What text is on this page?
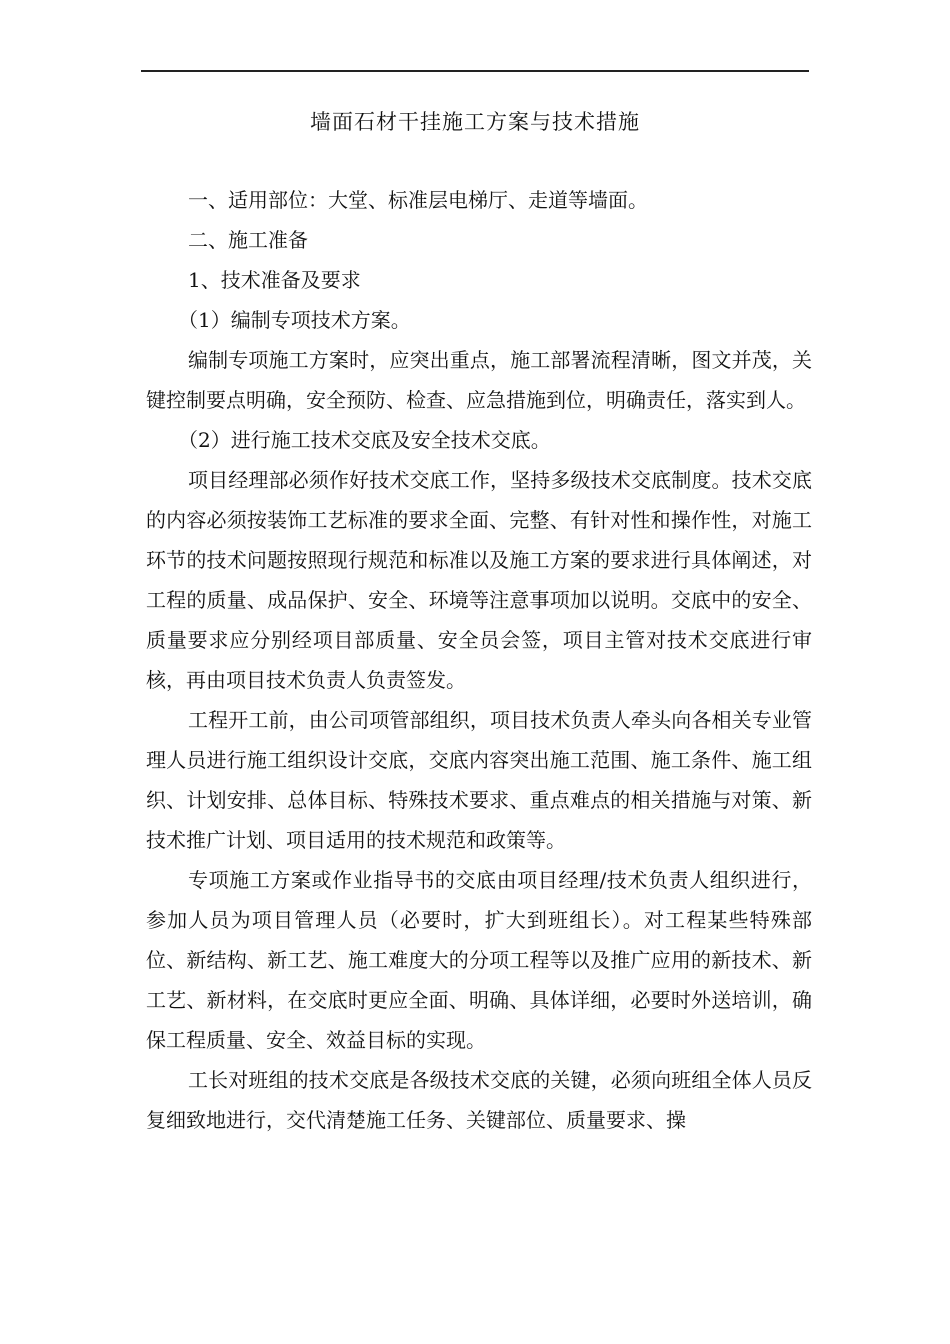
墙面石材干挂施工方案与技术措施

一、适用部位：大堂、标准层电梯厅、走道等墙面。

二、施工准备

1、技术准备及要求

（1）编制专项技术方案。

编制专项施工方案时，应突出重点，施工部署流程清晰，图文并茂，关键控制要点明确，安全预防、检查、应急措施到位，明确责任，落实到人。

（2）进行施工技术交底及安全技术交底。

项目经理部必须作好技术交底工作，坚持多级技术交底制度。技术交底的内容必须按装饰工艺标准的要求全面、完整、有针对性和操作性，对施工环节的技术问题按照现行规范和标准以及施工方案的要求进行具体阐述，对工程的质量、成品保护、安全、环境等注意事项加以说明。交底中的安全、质量要求应分别经项目部质量、安全员会签，项目主管对技术交底进行审核，再由项目技术负责人负责签发。

工程开工前，由公司项管部组织，项目技术负责人牵头向各相关专业管理人员进行施工组织设计交底，交底内容突出施工范围、施工条件、施工组织、计划安排、总体目标、特殊技术要求、重点难点的相关措施与对策、新技术推广计划、项目适用的技术规范和政策等。

专项施工方案或作业指导书的交底由项目经理/技术负责人组织进行，参加人员为项目管理人员（必要时，扩大到班组长）。对工程某些特殊部位、新结构、新工艺、施工难度大的分项工程等以及推广应用的新技术、新工艺、新材料，在交底时更应全面、明确、具体详细，必要时外送培训，确保工程质量、安全、效益目标的实现。

工长对班组的技术交底是各级技术交底的关键，必须向班组全体人员反复细致地进行，交代清楚施工任务、关键部位、质量要求、操
